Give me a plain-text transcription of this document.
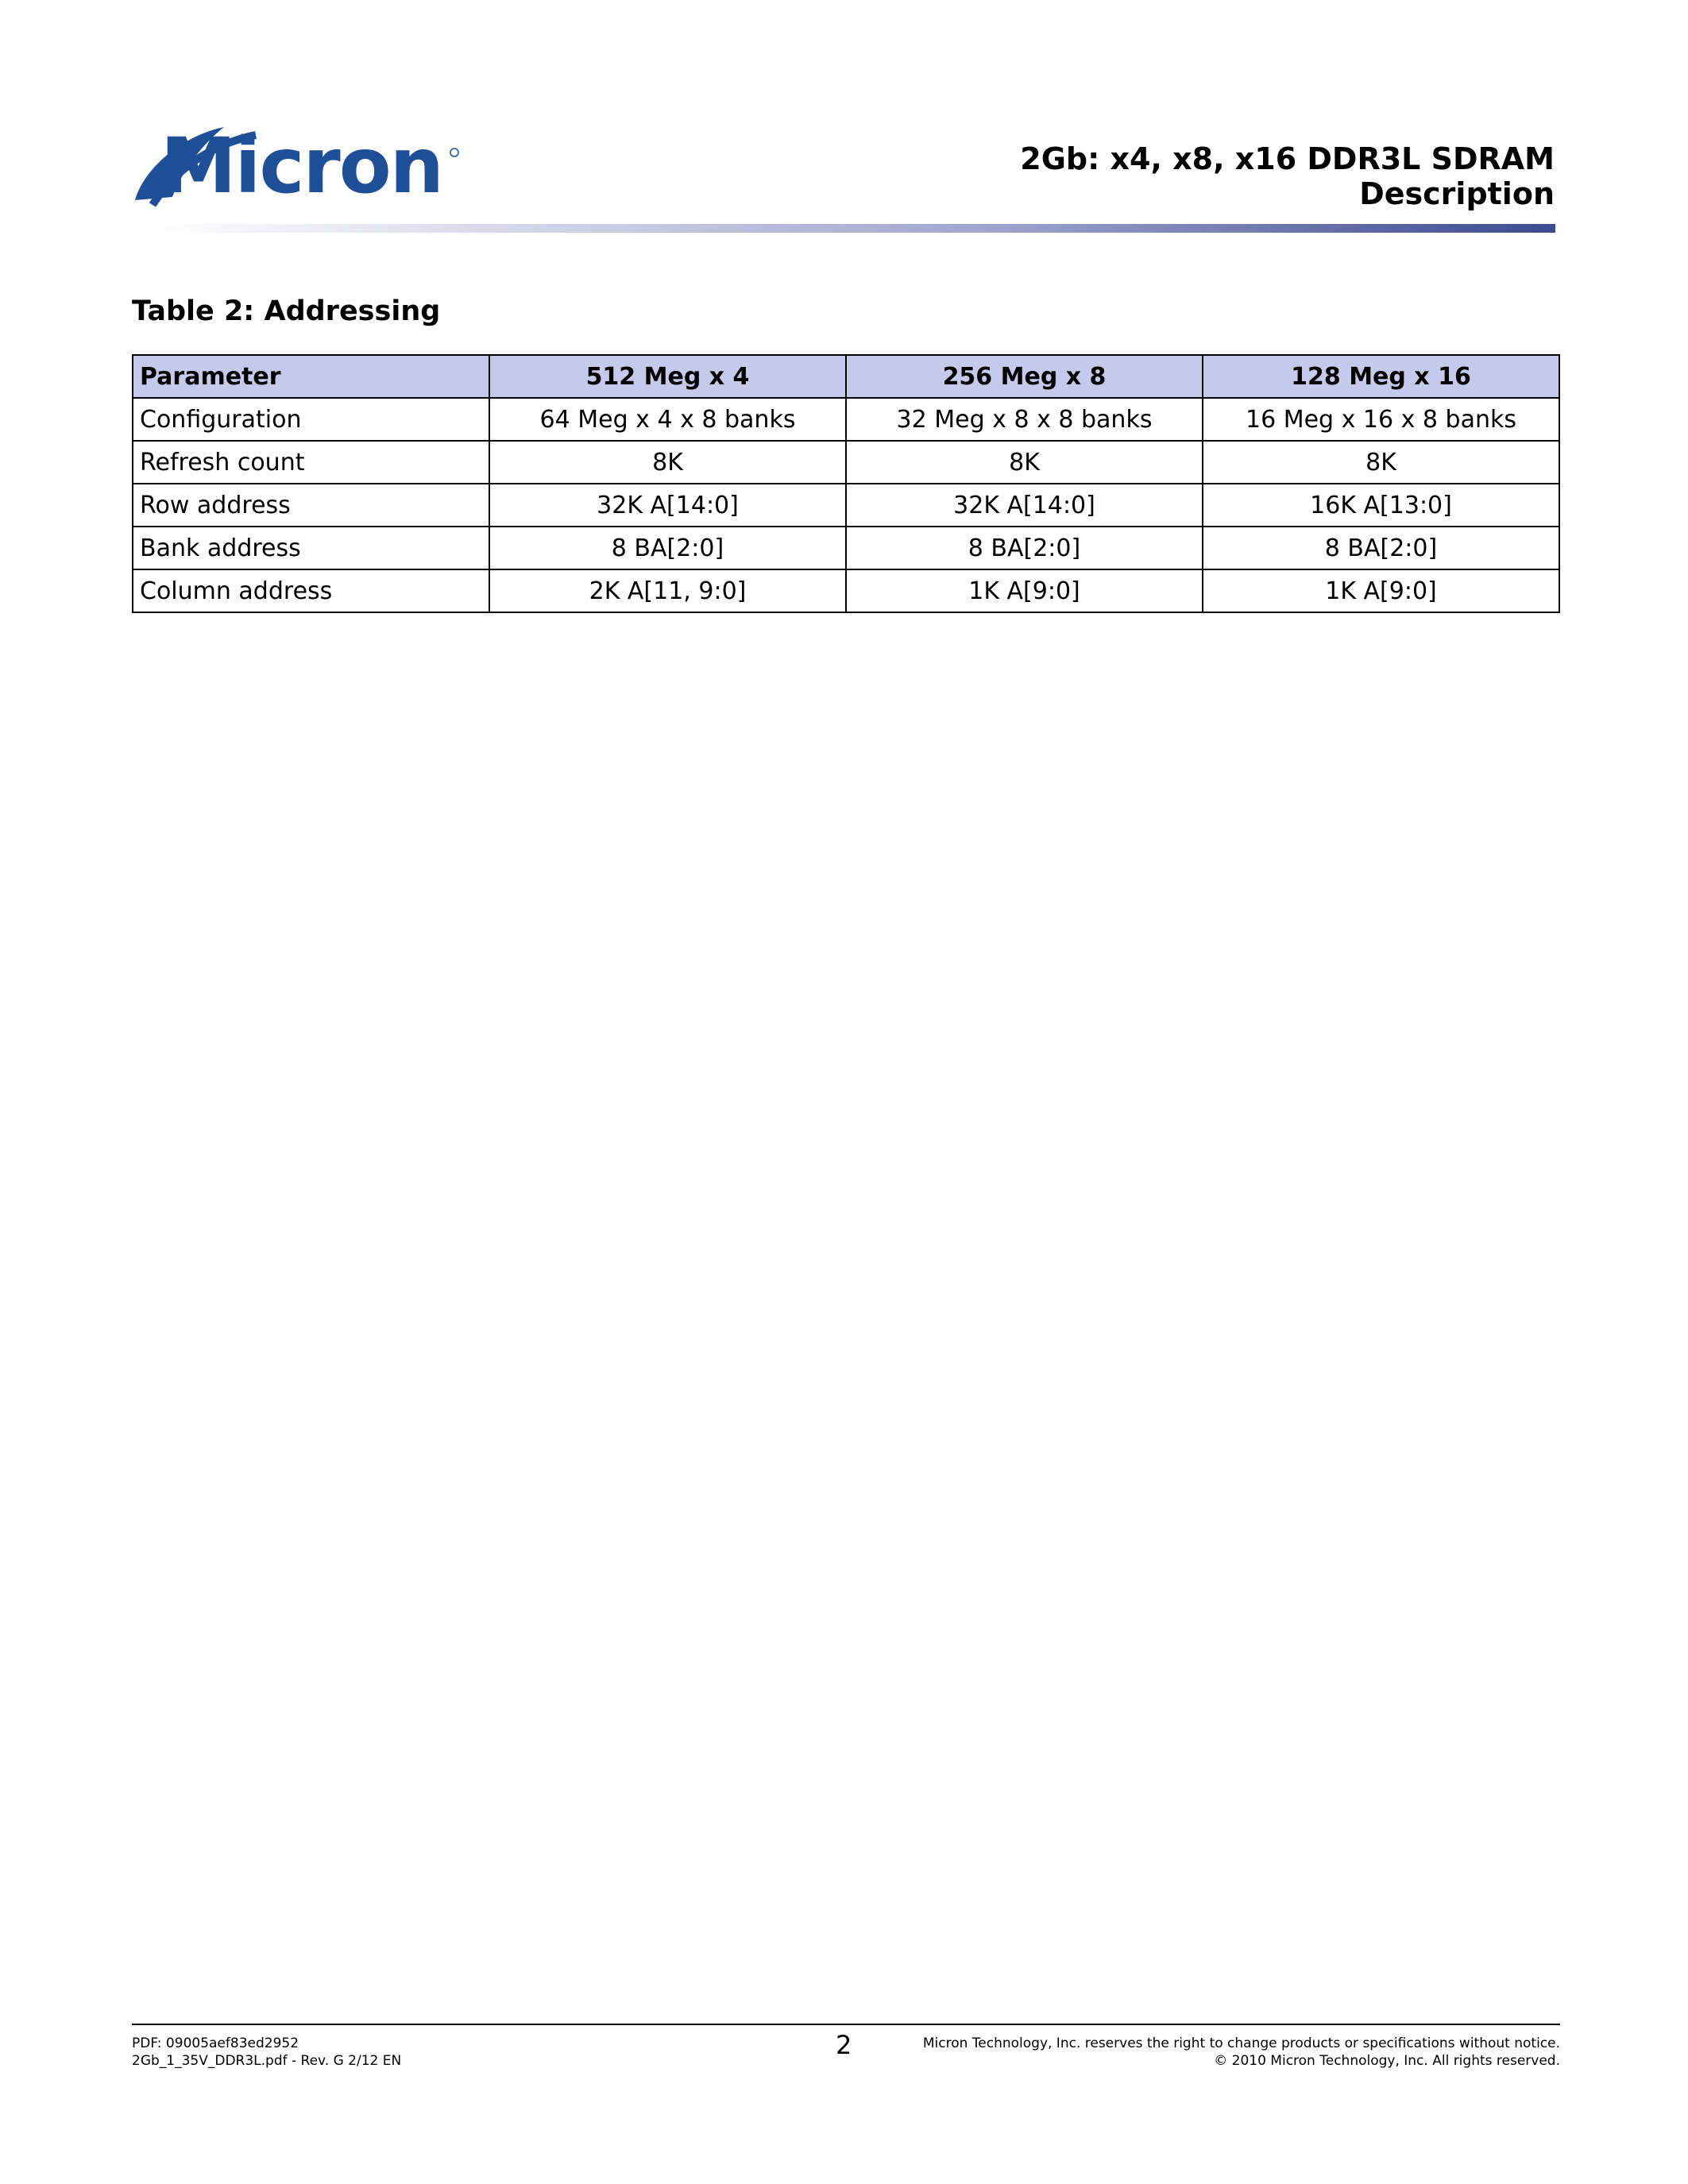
Micron	2Gb: x4, x8, x16 DDR3L SDRAM
Description
Table 2: Addressing
Parameter	512 Meg x 4	256 Meg x 8	128 Meg x 16
Configuration	64 Meg x 4 x 8 banks	32 Meg x 8 x 8 banks	16 Meg x 16 x 8 banks
Refresh count	8K	8K	8K
Row address	32K A[14:0]	32K A[14:0]	16K A[13:0]
Bank address	8 BA[2:0]	8 BA[2:0]	8 BA[2:0]
Column address	2K A[11, 9:0]	1K A[9:0]	1K A[9:0]
PDF: 09005aef83ed2952
2Gb_1_35V_DDR3L.pdf - Rev. G 2/12 EN
2	Micron Technology, Inc. reserves the right to change products or specifications without notice.
© 2010 Micron Technology, Inc. All rights reserved.
